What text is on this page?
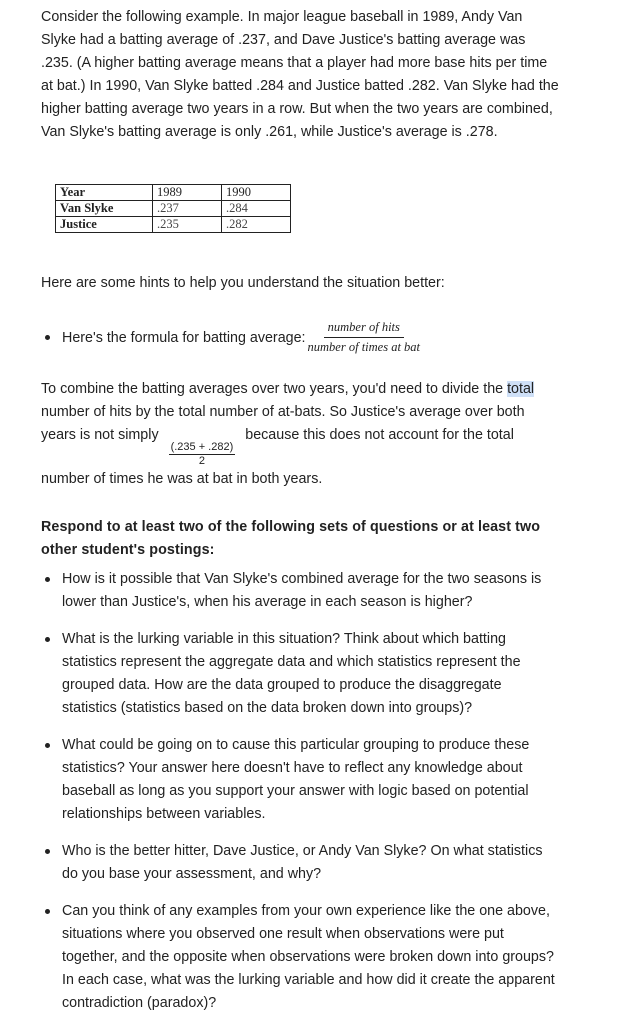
Consider the following example. In major league baseball in 1989, Andy Van Slyke had a batting average of .237, and Dave Justice's batting average was .235. (A higher batting average means that a player had more base hits per time at bat.) In 1990, Van Slyke batted .284 and Justice batted .282. Van Slyke had the higher batting average two years in a row. But when the two years are combined, Van Slyke's batting average is only .261, while Justice's average is .278.

Year	1989	1990
Van Slyke	.237	.284
Justice	.235	.282

Here are some hints to help you understand the situation better:

Here's the formula for batting average: $\frac{\text{number of hits}}{\text{number of times at bat}}$
To combine the batting averages over two years, you'd need to divide the total number of hits by the total number of at-bats. So Justice's average over both years is not simply
$\frac{(.235 + .282)}{2}$
because this does not account for the total number of times he was at bat in both years.

Respond to at least two of the following sets of questions or at least two other student's postings:

How is it possible that Van Slyke's combined average for the two seasons is lower than Justice's, when his average in each season is higher?
What is the lurking variable in this situation? Think about which batting statistics represent the aggregate data and which statistics represent the grouped data. How are the data grouped to produce the disaggregate statistics (statistics based on the data broken down into groups)?
What could be going on to cause this particular grouping to produce these statistics? Your answer here doesn't have to reflect any knowledge about baseball as long as you support your answer with logic based on potential relationships between variables.
Who is the better hitter, Dave Justice, or Andy Van Slyke? On what statistics do you base your assessment, and why?
Can you think of any examples from your own experience like the one above, situations where you observed one result when observations were put together, and the opposite when observations were broken down into groups? In each case, what was the lurking variable and how did it create the apparent contradiction (paradox)?
